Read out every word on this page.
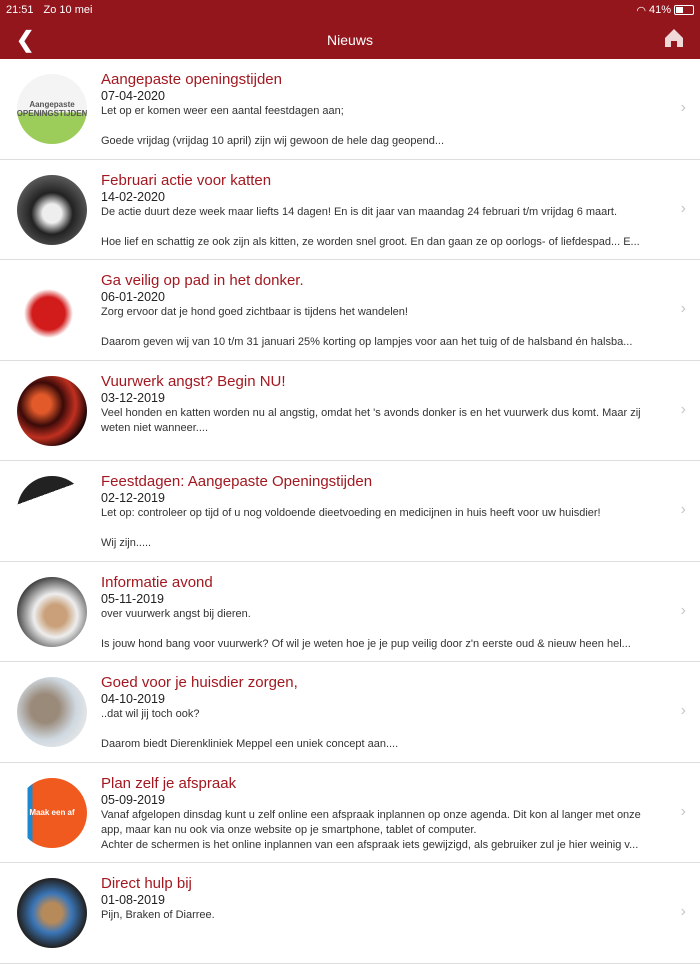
21:51 Zo 10 mei	◠ 41%
❮	Nieuws
Aangepaste OPENINGSTIJDEN
Aangepaste openingstijden
07-04-2020
Let op er komen weer een aantal feestdagen aan;

Goede vrijdag (vrijdag 10 april) zijn wij gewoon de hele dag geopend...
›
Februari actie voor katten
14-02-2020
De actie duurt deze week maar liefts 14 dagen! En is dit jaar van maandag 24 februari t/m vrijdag 6 maart.

Hoe lief en schattig ze ook zijn als kitten, ze worden snel groot. En dan gaan ze op oorlogs- of liefdespad... E...
›
Ga veilig op pad in het donker.
06-01-2020
Zorg ervoor dat je hond goed zichtbaar is tijdens het wandelen!

Daarom geven wij van 10 t/m 31 januari 25% korting op lampjes voor aan het tuig of de halsband én halsba...
›
Vuurwerk angst? Begin NU!
03-12-2019
Veel honden en katten worden nu al angstig, omdat het 's avonds donker is en het vuurwerk dus komt. Maar zij weten niet wanneer....
›
Feestdagen: Aangepaste Openingstijden
02-12-2019
Let op: controleer op tijd of u nog voldoende dieetvoeding en medicijnen in huis heeft voor uw huisdier!

Wij zijn.....
›
Informatie avond
05-11-2019
over vuurwerk angst bij dieren.

Is jouw hond bang voor vuurwerk? Of wil je weten hoe je je pup veilig door z'n eerste oud & nieuw heen hel...
›
Goed voor je huisdier zorgen,
04-10-2019
..dat wil jij toch ook?

Daarom biedt Dierenkliniek Meppel een uniek concept aan....
›
Maak een af
Plan zelf je afspraak
05-09-2019
Vanaf afgelopen dinsdag kunt u zelf online een afspraak inplannen op onze agenda. Dit kon al langer met onze app, maar kan nu ook via onze website op je smartphone, tablet of computer.
Achter de schermen is het online inplannen van een afspraak iets gewijzigd, als gebruiker zul je hier weinig v...
›
Direct hulp bij
01-08-2019
Pijn, Braken of Diarree.	›
